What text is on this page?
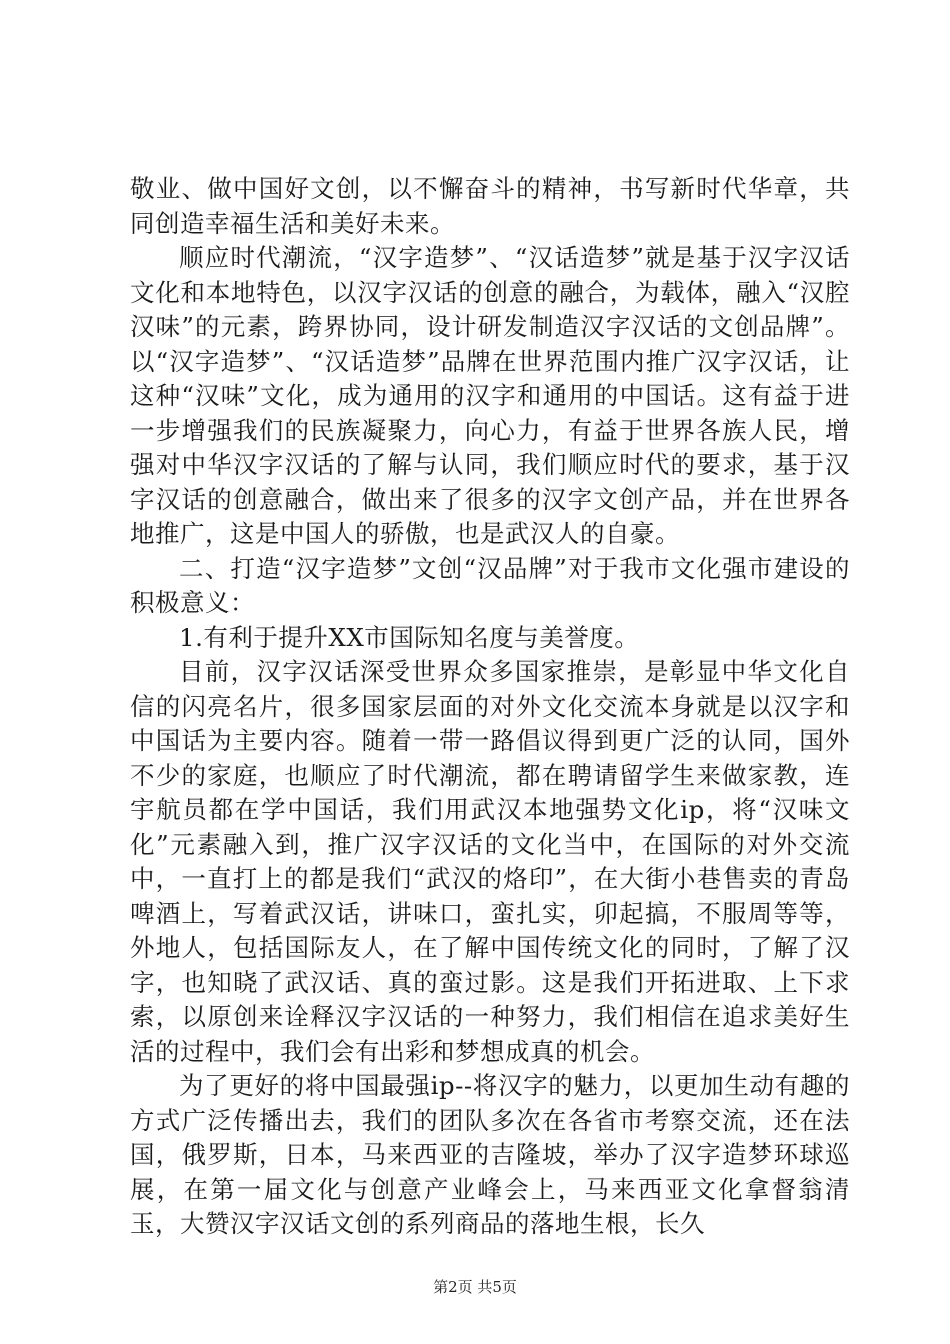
敬业、做中国好文创，以不懈奋斗的精神，书写新时代华章，共同创造幸福生活和美好未来。

顺应时代潮流，“汉字造梦”、“汉话造梦”就是基于汉字汉话文化和本地特色，以汉字汉话的创意的融合，为载体，融入“汉腔汉味”的元素，跨界协同，设计研发制造汉字汉话的文创品牌”。以“汉字造梦”、“汉话造梦”品牌在世界范围内推广汉字汉话，让这种“汉味”文化，成为通用的汉字和通用的中国话。这有益于进一步增强我们的民族凝聚力，向心力，有益于世界各族人民，增强对中华汉字汉话的了解与认同，我们顺应时代的要求，基于汉字汉话的创意融合，做出来了很多的汉字文创产品，并在世界各地推广，这是中国人的骄傲，也是武汉人的自豪。

二、打造“汉字造梦”文创“汉品牌”对于我市文化强市建设的积极意义：

1.有利于提升XX市国际知名度与美誉度。

目前，汉字汉话深受世界众多国家推崇，是彰显中华文化自信的闪亮名片，很多国家层面的对外文化交流本身就是以汉字和中国话为主要内容。随着一带一路倡议得到更广泛的认同，国外不少的家庭，也顺应了时代潮流，都在聘请留学生来做家教，连宇航员都在学中国话，我们用武汉本地强势文化ip，将“汉味文化”元素融入到，推广汉字汉话的文化当中，在国际的对外交流中，一直打上的都是我们“武汉的烙印”，在大街小巷售卖的青岛啤酒上，写着武汉话，讲味口，蛮扎实，卯起搞，不服周等等，外地人，包括国际友人，在了解中国传统文化的同时，了解了汉字，也知晓了武汉话、真的蛮过影。这是我们开拓进取、上下求索，以原创来诠释汉字汉话的一种努力，我们相信在追求美好生活的过程中，我们会有出彩和梦想成真的机会。

为了更好的将中国最强ip--将汉字的魅力，以更加生动有趣的方式广泛传播出去，我们的团队多次在各省市考察交流，还在法国，俄罗斯，日本，马来西亚的吉隆坡，举办了汉字造梦环球巡展，在第一届文化与创意产业峰会上，马来西亚文化拿督翁清玉，大赞汉字汉话文创的系列商品的落地生根，长久

第2页 共5页
